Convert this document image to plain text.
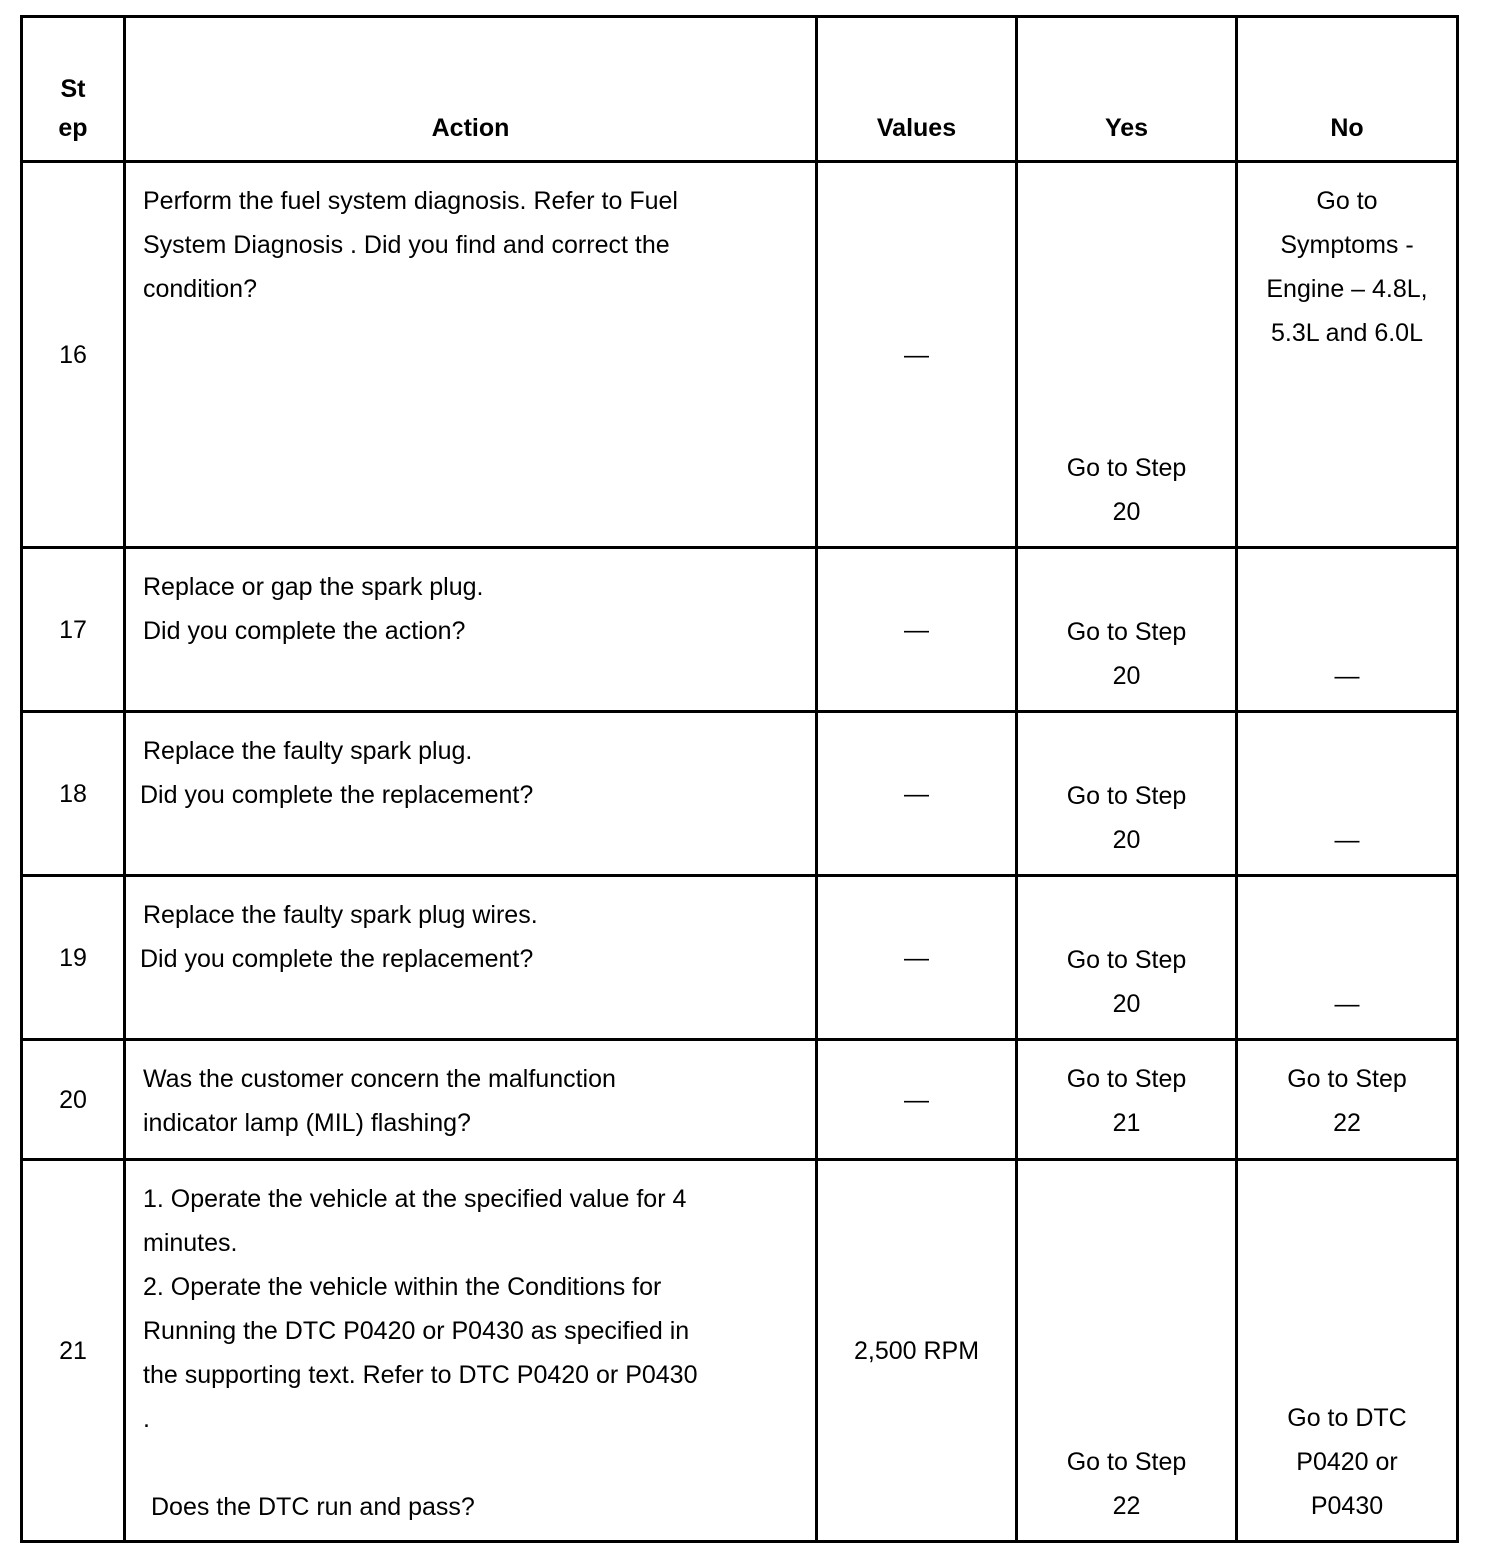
St ep	Action	Values	Yes	No
16	Perform the fuel system diagnosis. Refer to Fuel System Diagnosis . Did you find and correct the condition?	—	Go to Step 20	Go to Symptoms - Engine – 4.8L, 5.3L and 6.0L

17	Replace or gap the spark plug.
Did you complete the action?	—	Go to Step 20	—

18	Replace the faulty spark plug.
Did you complete the replacement?	—	Go to Step 20	—

19	Replace the faulty spark plug wires.
Did you complete the replacement?	—	Go to Step 20	—

20	Was the customer concern the malfunction indicator lamp (MIL) flashing?	—	Go to Step 21	Go to Step 22

21	1. Operate the vehicle at the specified value for 4 minutes.
2. Operate the vehicle within the Conditions for Running the DTC P0420 or P0430 as specified in the supporting text. Refer to DTC P0420 or P0430 .
Does the DTC run and pass?	2,500 RPM	Go to Step 22	Go to DTC P0420 or P0430
